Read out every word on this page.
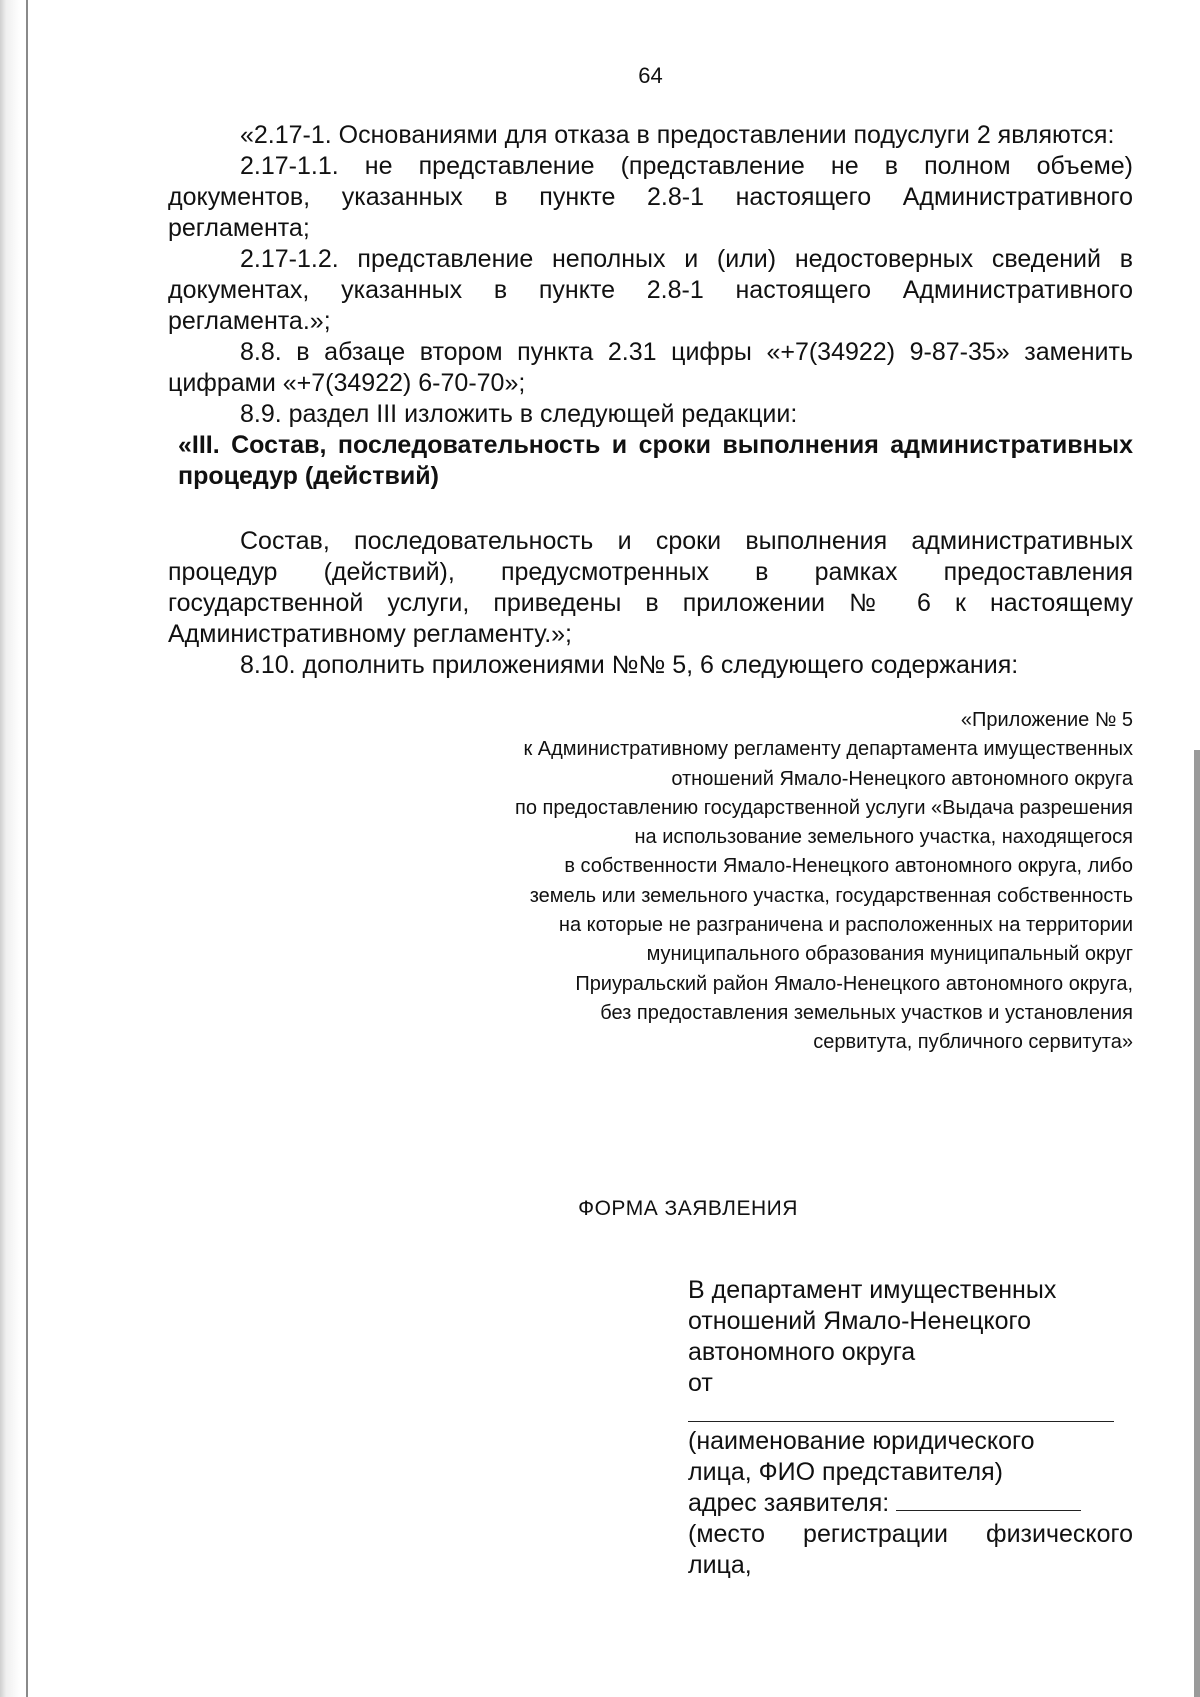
64

«2.17-1. Основаниями для отказа в предоставлении подуслуги 2 являются:

2.17-1.1. не представление (представление не в полном объеме) документов, указанных в пункте 2.8-1 настоящего Административного регламента;

2.17-1.2. представление неполных и (или) недостоверных сведений в документах, указанных в пункте 2.8-1 настоящего Административного регламента.»;

8.8. в абзаце втором пункта 2.31 цифры «+7(34922) 9-87-35» заменить цифрами «+7(34922) 6-70-70»;

8.9. раздел III изложить в следующей редакции:

«III. Состав, последовательность и сроки выполнения административных процедур (действий)

Состав, последовательность и сроки выполнения административных процедур (действий), предусмотренных в рамках предоставления государственной услуги, приведены в приложении № 6 к настоящему Административному регламенту.»;

8.10. дополнить приложениями №№ 5, 6 следующего содержания:

«Приложение № 5
к Административному регламенту департамента имущественных
отношений Ямало-Ненецкого автономного округа
по предоставлению государственной услуги «Выдача разрешения
на использование земельного участка, находящегося
в собственности Ямало-Ненецкого автономного округа, либо
земель или земельного участка, государственная собственность
на которые не разграничена и расположенных на территории
муниципального образования муниципальный округ
Приуральский район Ямало-Ненецкого автономного округа,
без предоставления земельных участков и установления
сервитута, публичного сервитута»
ФОРМА ЗАЯВЛЕНИЯ
В департамент имущественных
отношений Ямало-Ненецкого
автономного округа
от
(наименование юридического
лица, ФИО представителя)
адрес заявителя:
(место регистрации физического
лица,
